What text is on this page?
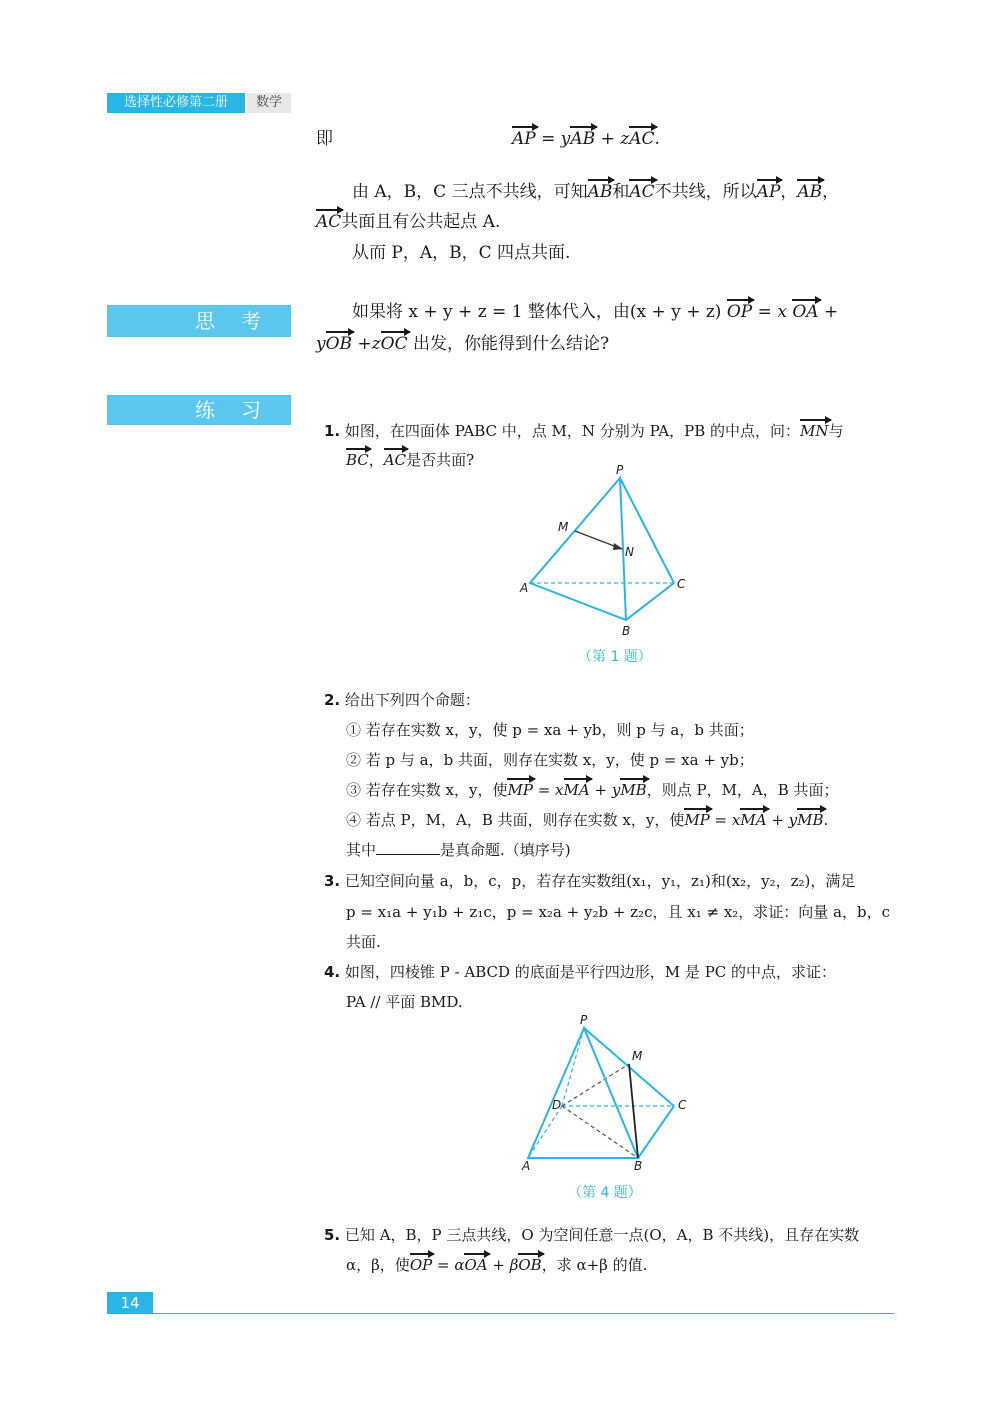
选择性必修第二册	数学
即	AP = yAB + zAC.
由 A，B，C 三点不共线，可知AB和AC不共线，所以AP，AB，
AC共面且有公共起点 A.
从而 P，A，B，C 四点共面.
思考	如果将 x + y + z = 1 整体代入，由(x + y + z) OP = x OA +
yOB +zOC 出发，你能得到什么结论?
练习
1. 如图，在四面体 PABC 中，点 M，N 分别为 PA，PB 的中点，问：MN与
BC，AC是否共面?
P
M
N
A	C
B
（第 1 题）
2. 给出下列四个命题：
① 若存在实数 x，y，使 p = xa + yb，则 p 与 a，b 共面；
② 若 p 与 a，b 共面，则存在实数 x，y，使 p = xa + yb；
③ 若存在实数 x，y，使MP = xMA + yMB，则点 P，M，A，B 共面；
④ 若点 P，M，A，B 共面，则存在实数 x，y，使MP = xMA + yMB.
其中	是真命题.（填序号)
3. 已知空间向量 a，b，c，p，若存在实数组(x₁，y₁，z₁)和(x₂，y₂，z₂)，满足
p = x₁a + y₁b + z₁c，p = x₂a + y₂b + z₂c，且 x₁ ≠ x₂，求证：向量 a，b，c
共面.
4. 如图，四棱锥 P - ABCD 的底面是平行四边形，M 是 PC 的中点，求证：
PA // 平面 BMD.
P
M
D	C
A	B
（第 4 题）
5. 已知 A，B，P 三点共线，O 为空间任意一点(O，A，B 不共线)，且存在实数
α，β，使OP = αOA + βOB，求 α+β 的值.
14
